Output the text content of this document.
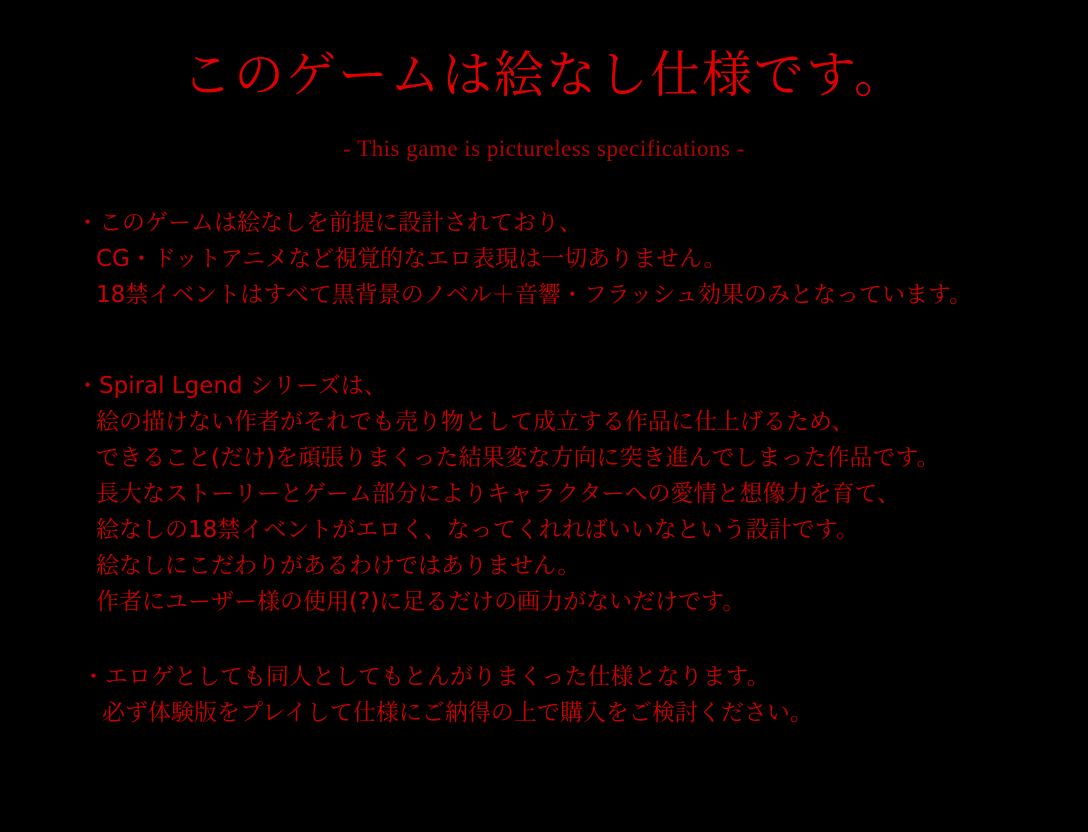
このゲームは絵なし仕様です。
- This game is pictureless specifications -
・このゲームは絵なしを前提に設計されており、
CG・ドットアニメなど視覚的なエロ表現は一切ありません。
18禁イベントはすべて黒背景のノベル＋音響・フラッシュ効果のみとなっています。
・Spiral Lgend シリーズは、
絵の描けない作者がそれでも売り物として成立する作品に仕上げるため、
できること(だけ)を頑張りまくった結果変な方向に突き進んでしまった作品です。
長大なストーリーとゲーム部分によりキャラクターへの愛情と想像力を育て、
絵なしの18禁イベントがエロく、なってくれればいいなという設計です。
絵なしにこだわりがあるわけではありません。
作者にユーザー様の使用(?)に足るだけの画力がないだけです。
・エロゲとしても同人としてもとんがりまくった仕様となります。
必ず体験版をプレイして仕様にご納得の上で購入をご検討ください。
